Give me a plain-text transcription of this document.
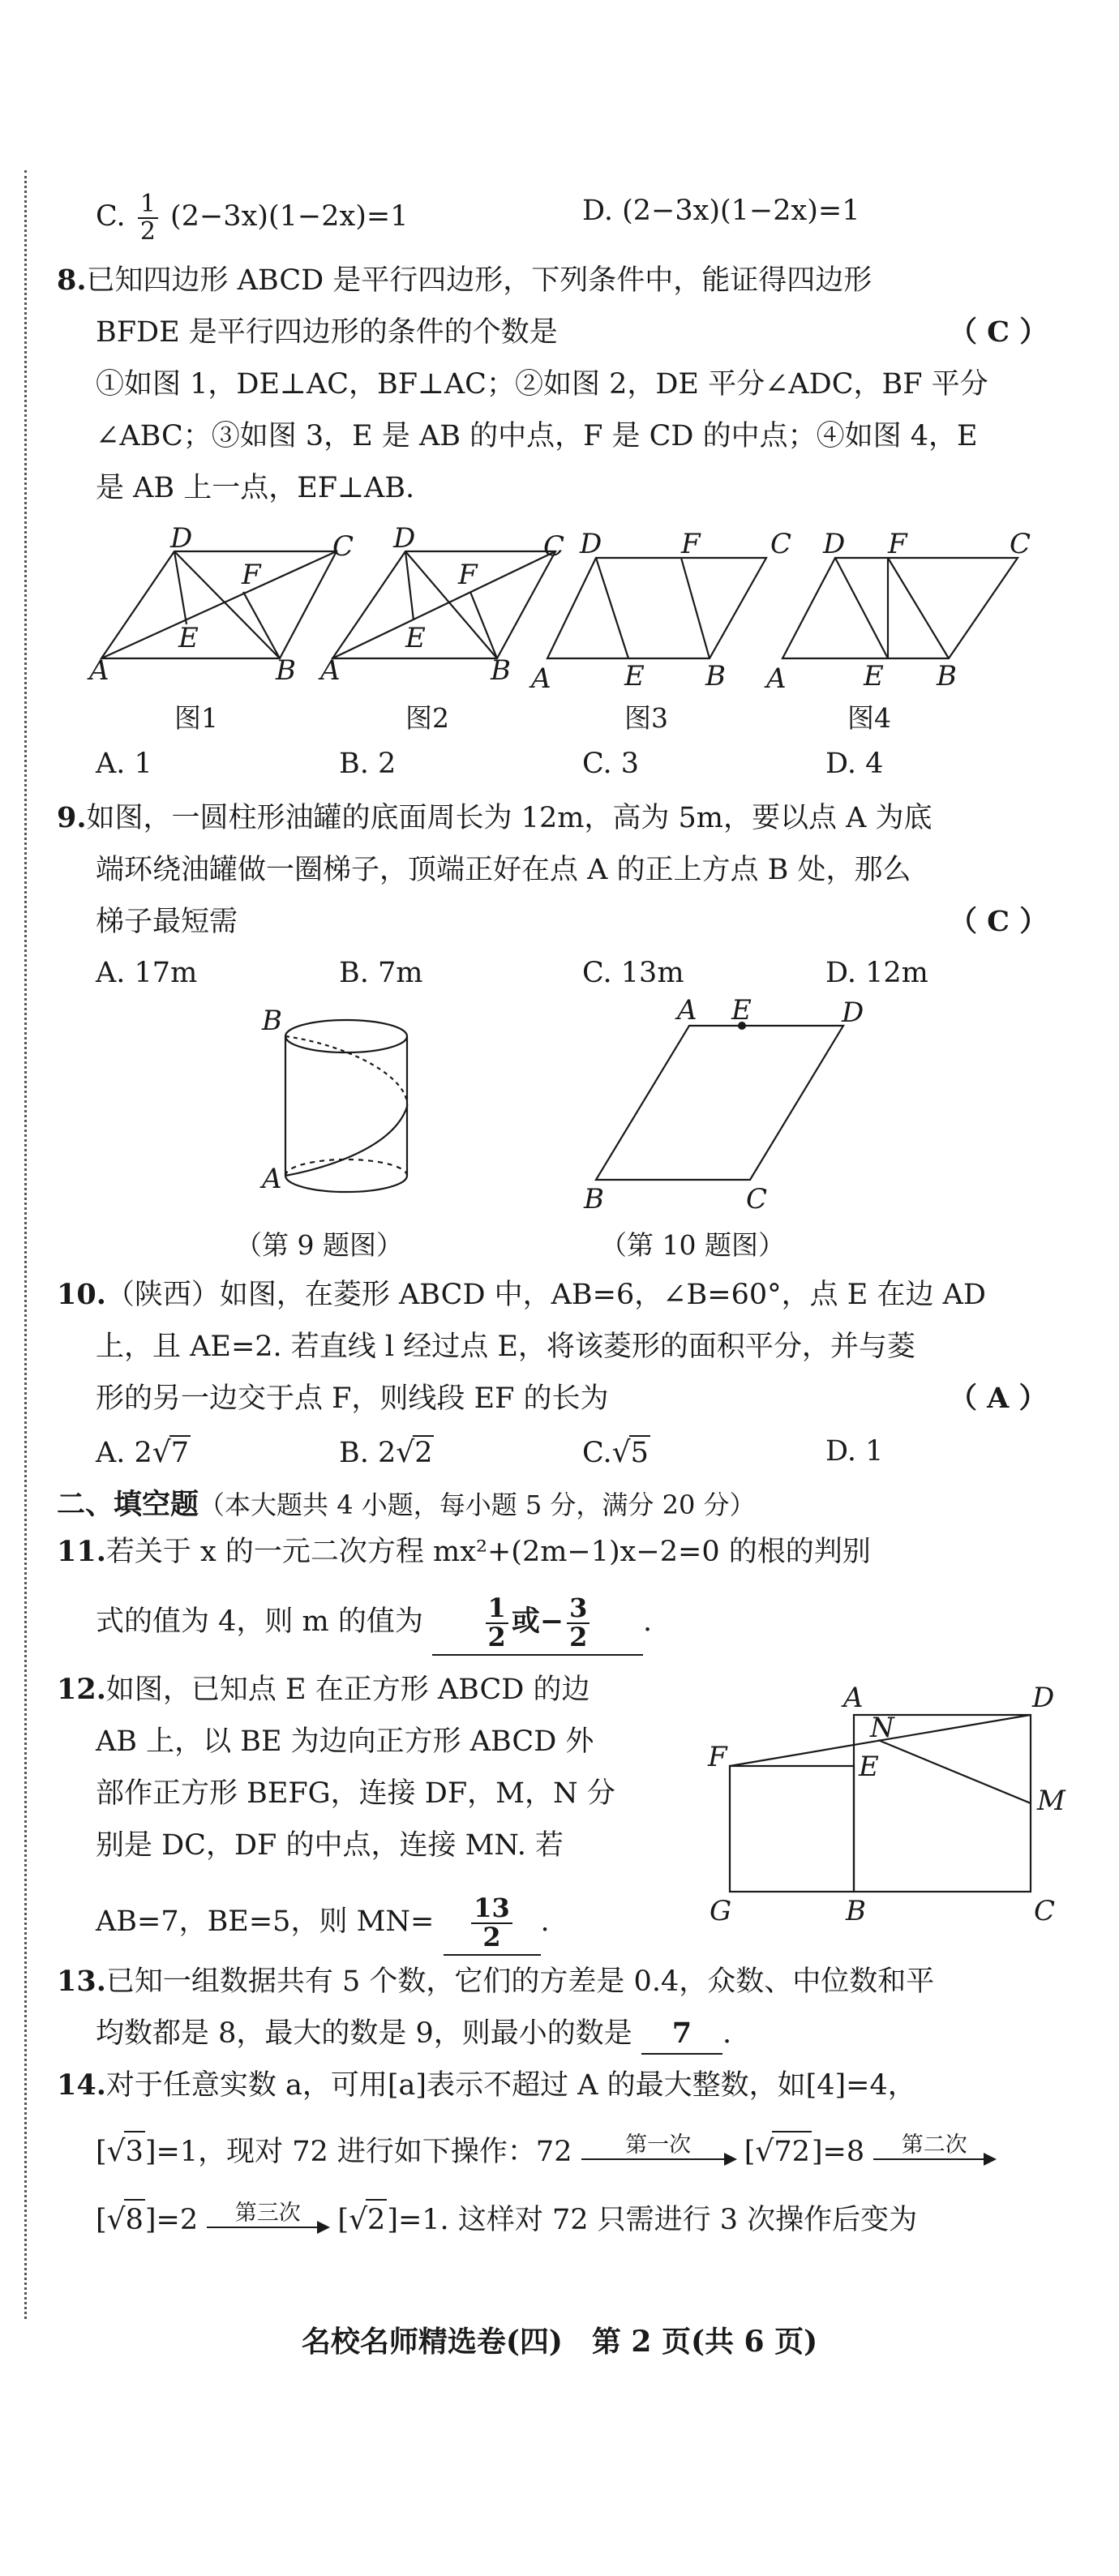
C. $\frac{1}{2} (2-3x)(1-2x)=1$	D. (2−3x)(1−2x)=1
8.已知四边形 ABCD 是平行四边形，下列条件中，能证得四边形
BFDE 是平行四边形的条件的个数是	（ C ）
①如图 1，DE⊥AC，BF⊥AC；②如图 2，DE 平分∠ADC，BF 平分
∠ABC；③如图 3，E 是 AB 的中点，F 是 CD 的中点；④如图 4，E
是 AB 上一点，EF⊥AB.
D	C
A	B
E
F
D	C
A	B
E
F
D	F	C
A	E B
D F	C
A	E B
图1	图2	图3	图4
A. 1	B. 2	C. 3	D. 4
9.如图，一圆柱形油罐的底面周长为 12m，高为 5m，要以点 A 为底
端环绕油罐做一圈梯子，顶端正好在点 A 的正上方点 B 处，那么
梯子最短需	（ C ）
A. 17m	B. 7m	C. 13m	D. 12m
B
A
（第 9 题图）
A E	D
B	C
（第 10 题图）
10.（陕西）如图，在菱形 ABCD 中，AB=6，∠B=60°，点 E 在边 AD
上，且 AE=2. 若直线 l 经过点 E，将该菱形的面积平分，并与菱
形的另一边交于点 F，则线段 EF 的长为	（ A ）
A. 2√7	B. 2√2	C.√5	D. 1
二、填空题（本大题共 4 小题，每小题 5 分，满分 20 分）
11.若关于 x 的一元二次方程 mx²+(2m−1)x−2=0 的根的判别
式的值为 4，则 m 的值为 $\frac{1}{2}$ 或− $\frac{3}{2}$ .
12.如图，已知点 E 在正方形 ABCD 的边
AB 上，以 BE 为边向正方形 ABCD 外
部作正方形 BEFG，连接 DF，M，N 分
别是 DC，DF 的中点，连接 MN. 若
AB=7，BE=5，则 $MN= \frac{13}{2}$ .
A
N
D
F	E
M
G	B	C
13.已知一组数据共有 5 个数，它们的方差是 0.4，众数、中位数和平
均数都是 8，最大的数是 9，则最小的数是 7 .
14.对于任意实数 a，可用[a]表示不超过 A 的最大整数，如[4]=4，
[√3]=1，现对 72 进行如下操作：72	第一次	[√72]=8	第二次
[√8]=2	第三次	[√2]=1. 这样对 72 只需进行 3 次操作后变为
名校名师精选卷(四)　第 2 页(共 6 页)
